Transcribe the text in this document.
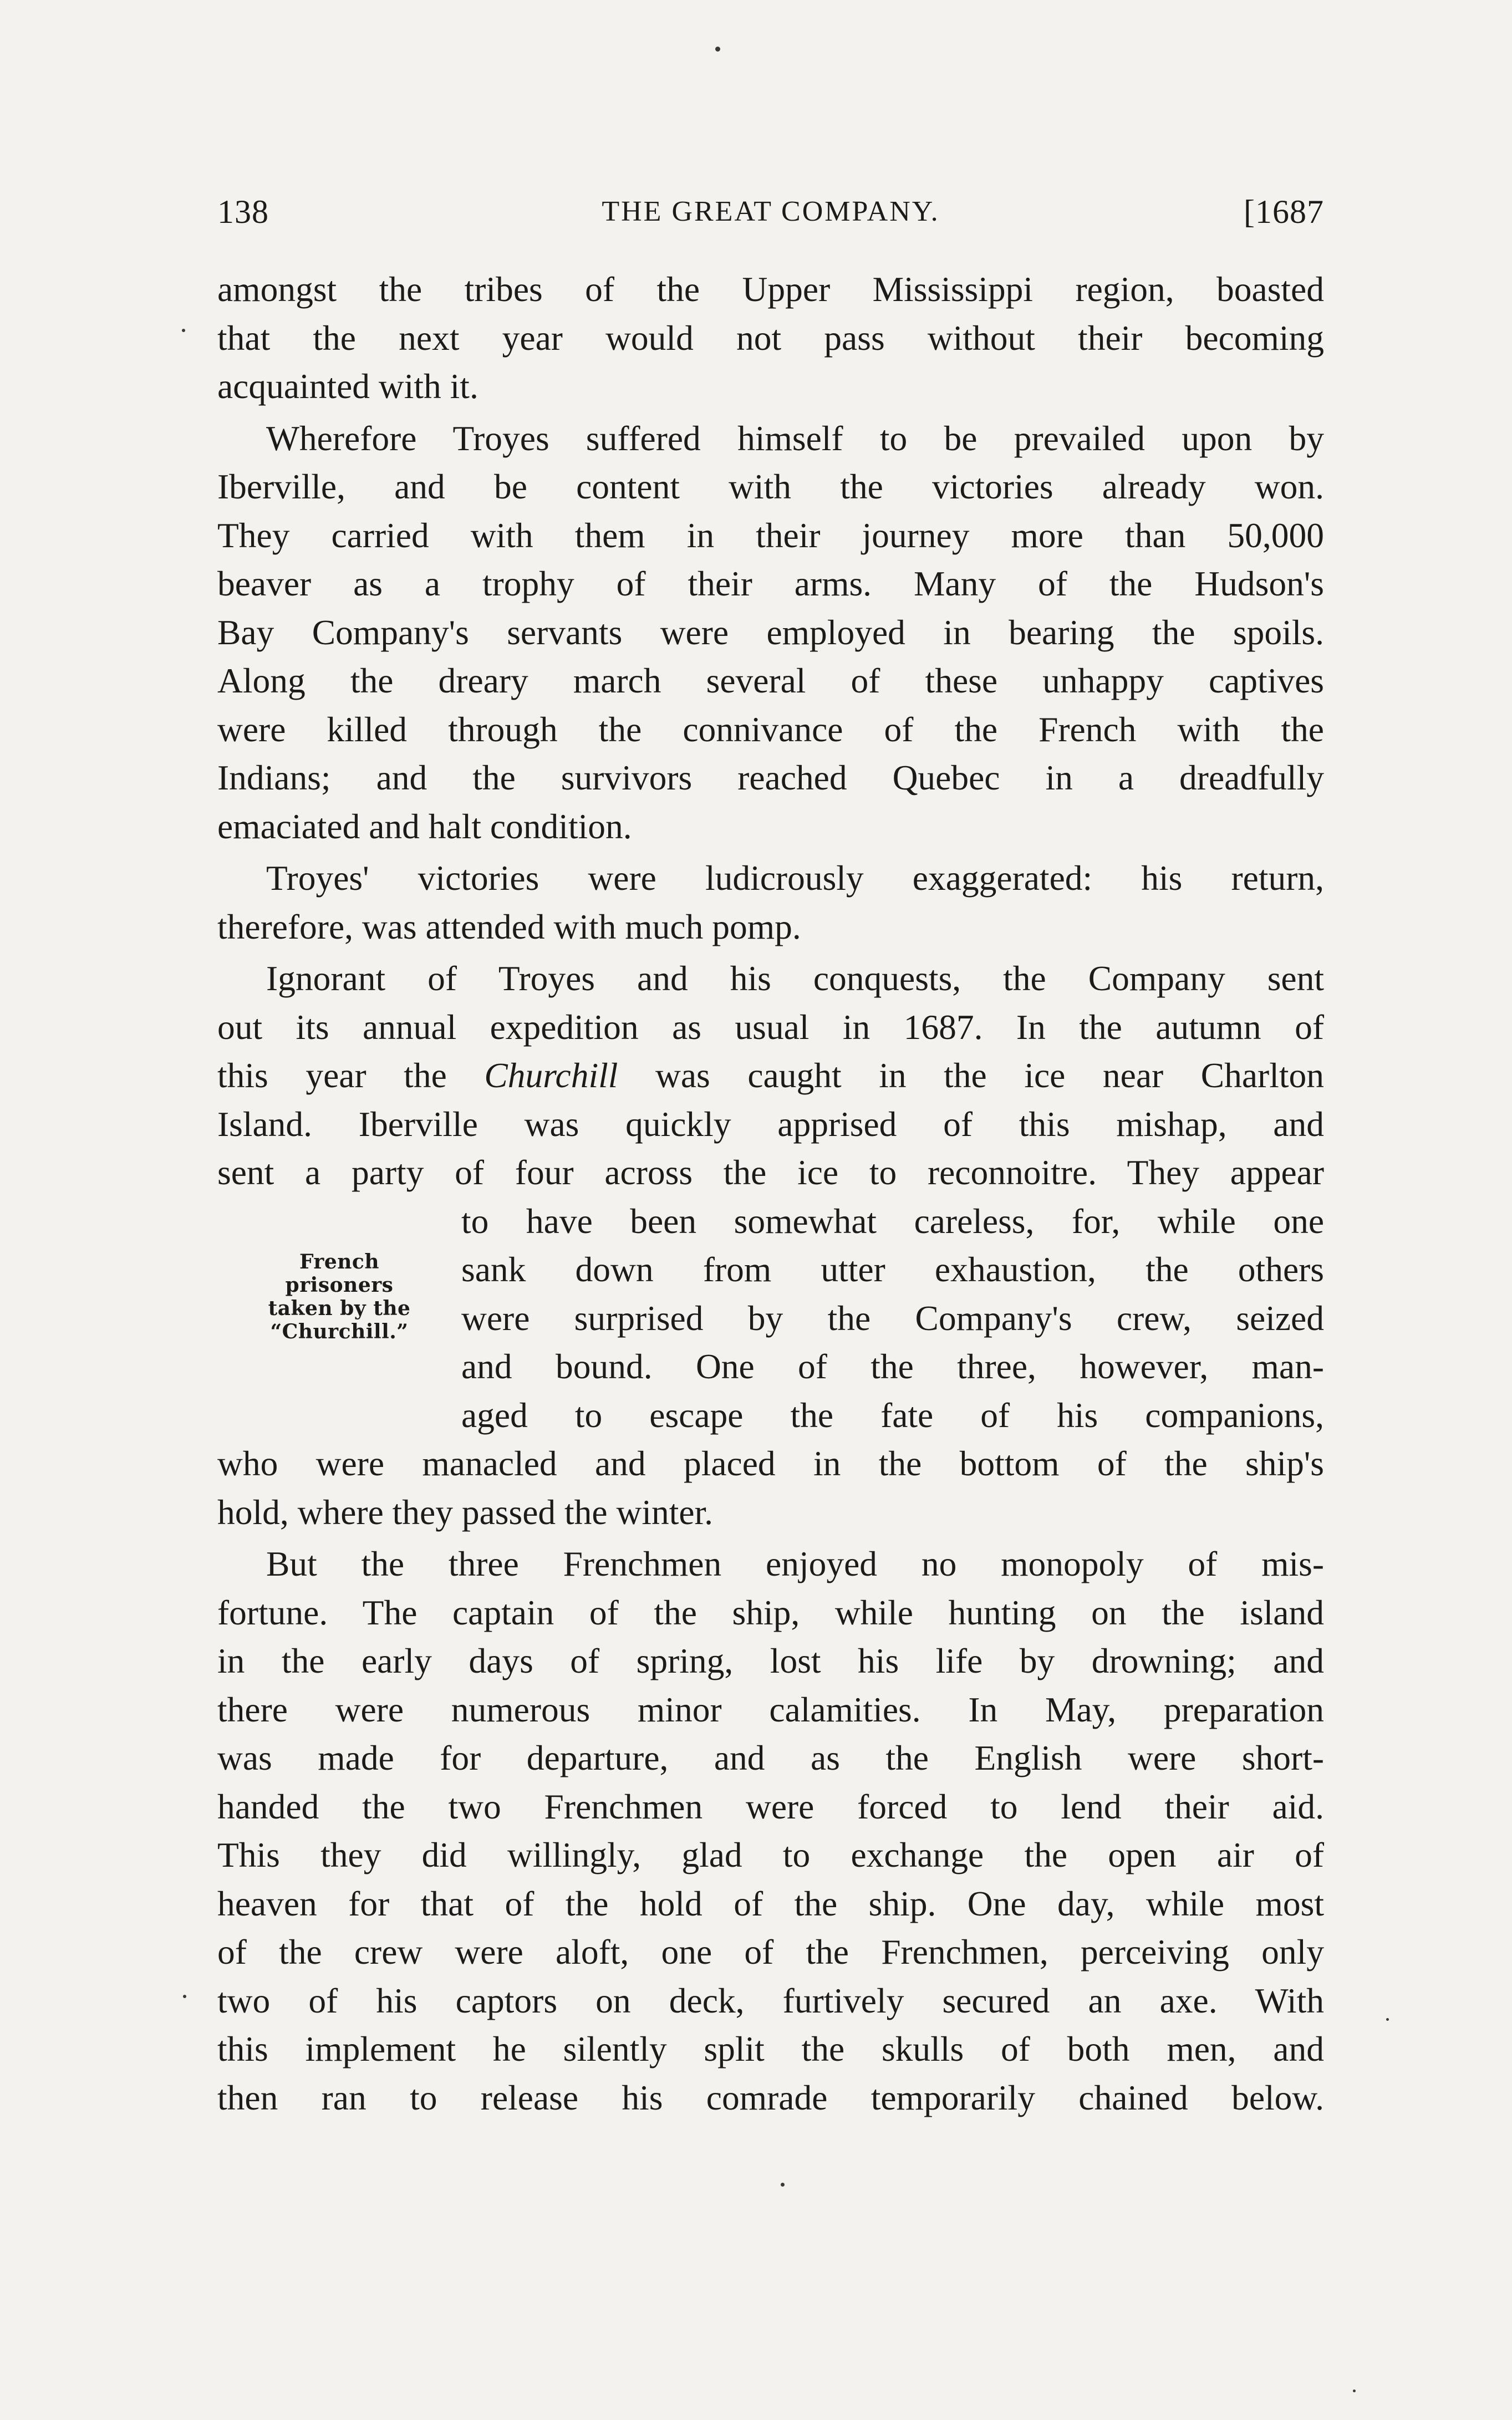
138	THE GREAT COMPANY.	[1687
amongst the tribes of the Upper Mississippi region, boasted
that the next year would not pass without their becoming
acquainted with it.
Wherefore Troyes suffered himself to be prevailed upon by
Iberville, and be content with the victories already won.
They carried with them in their journey more than 50,000
beaver as a trophy of their arms. Many of the Hudson's
Bay Company's servants were employed in bearing the spoils.
Along the dreary march several of these unhappy captives
were killed through the connivance of the French with the
Indians; and the survivors reached Quebec in a dreadfully
emaciated and halt condition.
Troyes' victories were ludicrously exaggerated: his return,
therefore, was attended with much pomp.
Ignorant of Troyes and his conquests, the Company sent
out its annual expedition as usual in 1687. In the autumn of
this year the Churchill was caught in the ice near Charlton
Island. Iberville was quickly apprised of this mishap, and
sent a party of four across the ice to reconnoitre. They appear
French
prisoners
taken by the
“Churchill.”
to have been somewhat careless, for, while one
sank down from utter exhaustion, the others
were surprised by the Company's crew, seized
and bound. One of the three, however, man-
aged to escape the fate of his companions,
who were manacled and placed in the bottom of the ship's
hold, where they passed the winter.
But the three Frenchmen enjoyed no monopoly of mis-
fortune. The captain of the ship, while hunting on the island
in the early days of spring, lost his life by drowning; and
there were numerous minor calamities. In May, preparation
was made for departure, and as the English were short-
handed the two Frenchmen were forced to lend their aid.
This they did willingly, glad to exchange the open air of
heaven for that of the hold of the ship. One day, while most
of the crew were aloft, one of the Frenchmen, perceiving only
two of his captors on deck, furtively secured an axe. With
this implement he silently split the skulls of both men, and
then ran to release his comrade temporarily chained below.
